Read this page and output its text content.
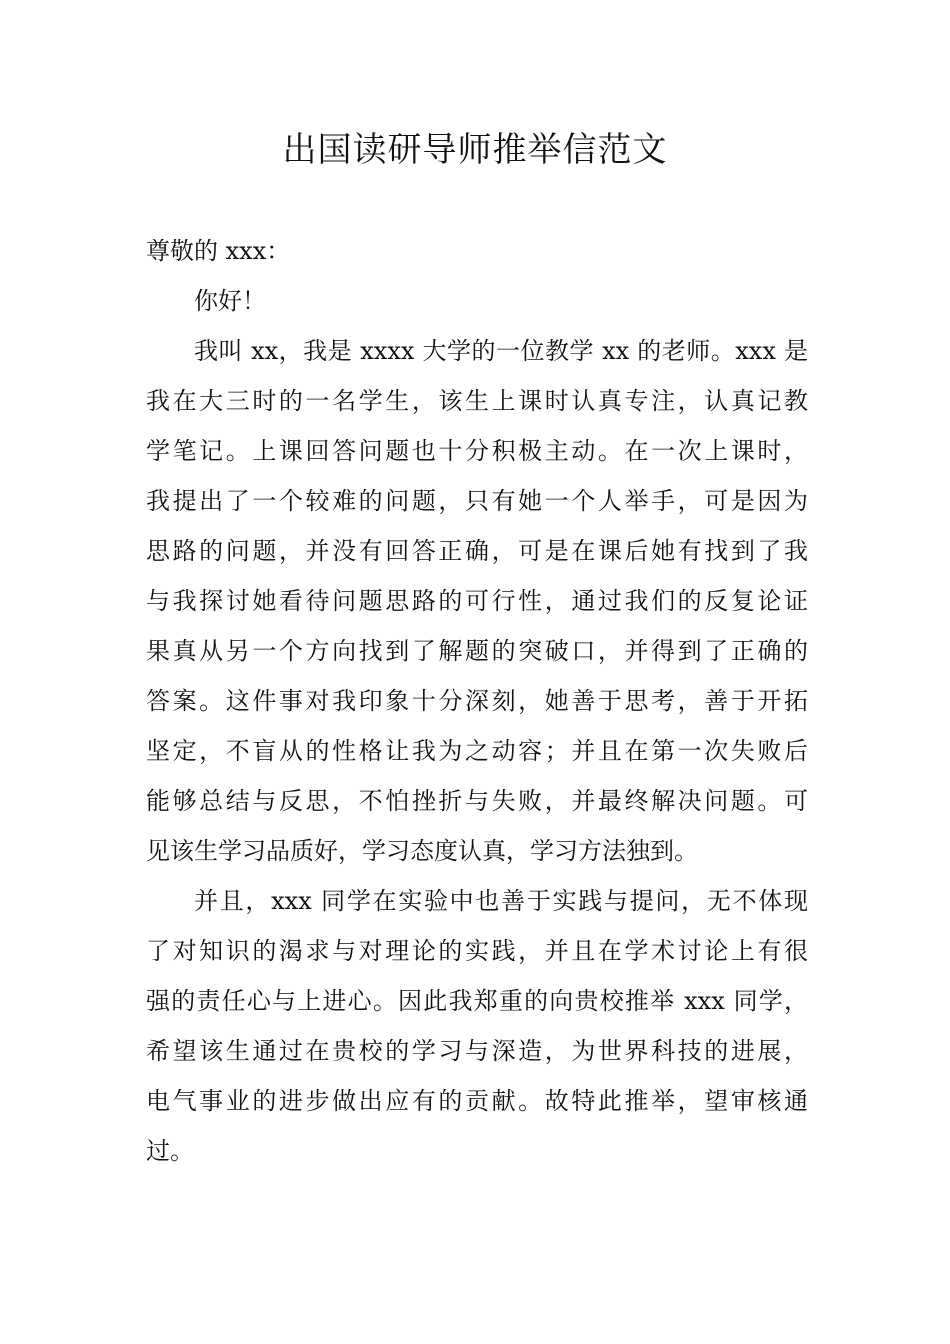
出国读研导师推举信范文
尊敬的 xxx：
你好！
我叫 xx，我是 xxxx 大学的一位教学 xx 的老师。xxx 是
我在大三时的一名学生，该生上课时认真专注，认真记教
学笔记。上课回答问题也十分积极主动。在一次上课时，
我提出了一个较难的问题，只有她一个人举手，可是因为
思路的问题，并没有回答正确，可是在课后她有找到了我
与我探讨她看待问题思路的可行性，通过我们的反复论证
果真从另一个方向找到了解题的突破口，并得到了正确的
答案。这件事对我印象十分深刻，她善于思考，善于开拓
坚定，不盲从的性格让我为之动容；并且在第一次失败后
能够总结与反思，不怕挫折与失败，并最终解决问题。可
见该生学习品质好，学习态度认真，学习方法独到。
并且，xxx 同学在实验中也善于实践与提问，无不体现
了对知识的渴求与对理论的实践，并且在学术讨论上有很
强的责任心与上进心。因此我郑重的向贵校推举 xxx 同学，
希望该生通过在贵校的学习与深造，为世界科技的进展，
电气事业的进步做出应有的贡献。故特此推举，望审核通
过。
